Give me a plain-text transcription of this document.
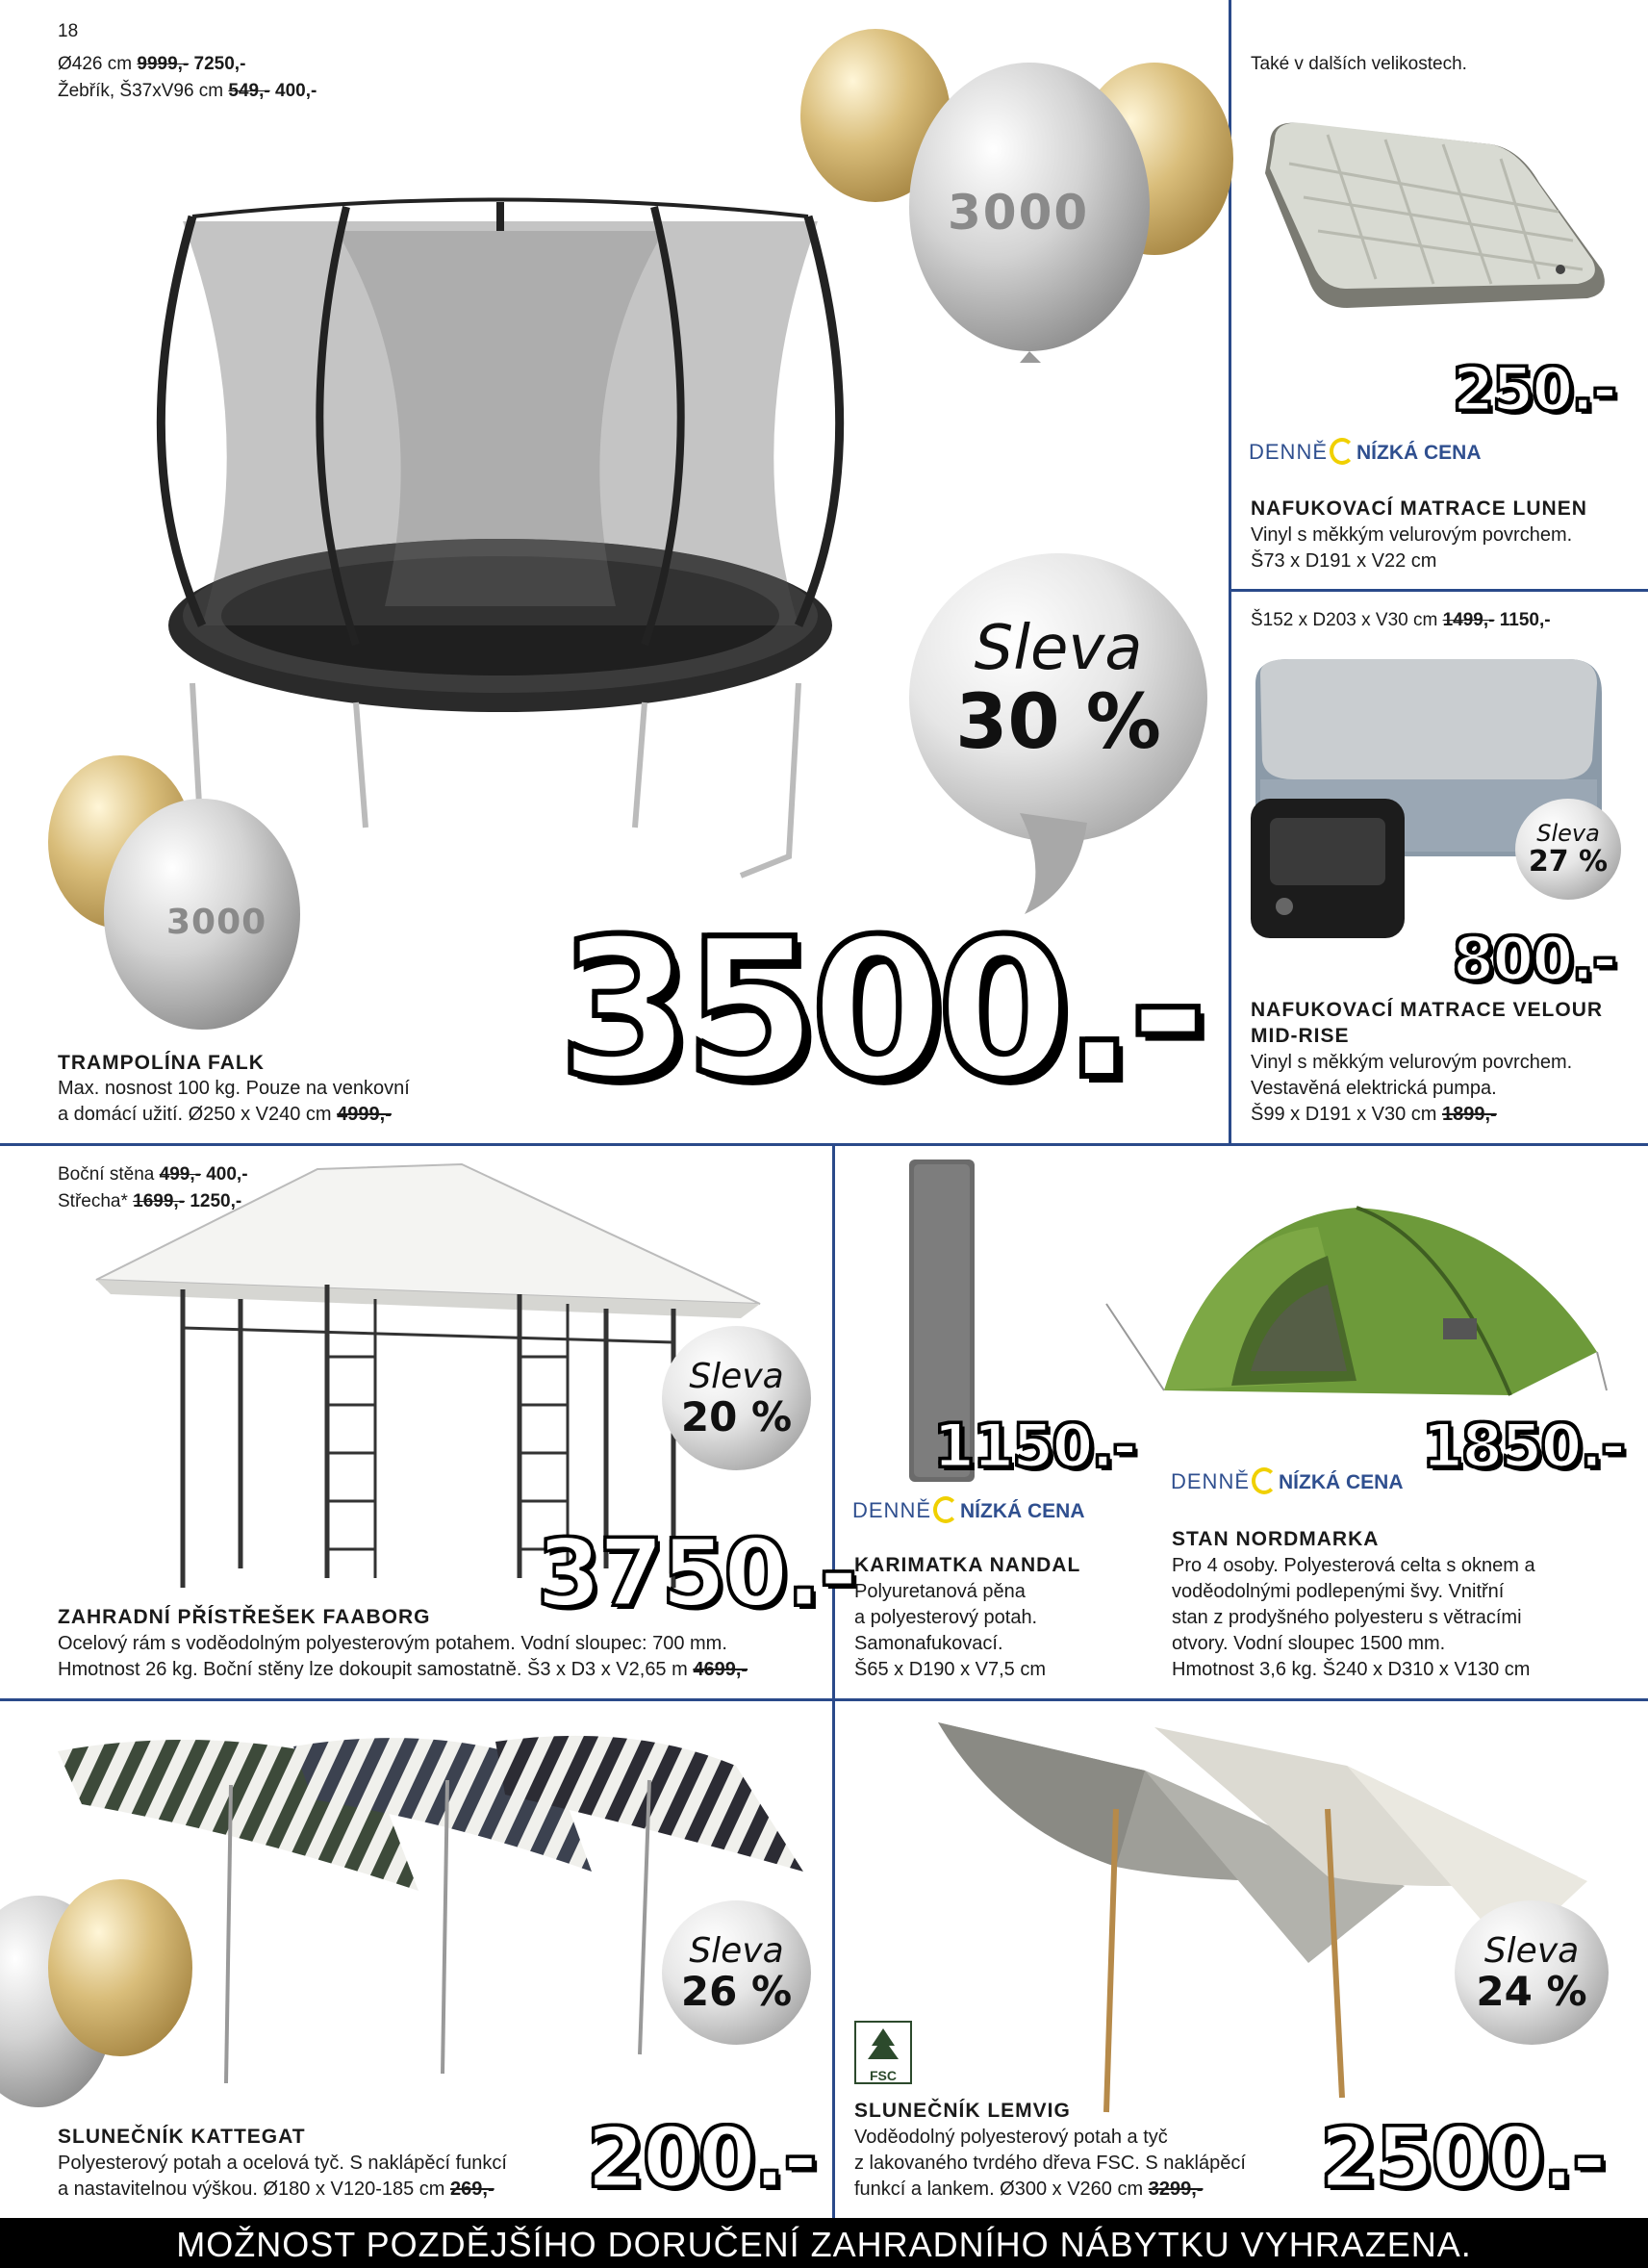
18
Ø426 cm 9999,- 7250,-
Žebřík, Š37xV96 cm 549,- 400,-
3000
3000
Sleva
30 %
3500.-
TRAMPOLÍNA FALK
Max. nosnost 100 kg. Pouze na venkovní
a domácí užití. Ø250 x V240 cm 4999,-
Také v dalších velikostech.
250.-
DENNĚ NÍZKÁ CENA
NAFUKOVACÍ MATRACE LUNEN
Vinyl s měkkým velurovým povrchem.
Š73 x D191 x V22 cm
Š152 x D203 x V30 cm 1499,- 1150,-
Sleva
27 %
800.-
NAFUKOVACÍ MATRACE VELOUR
MID-RISE
Vinyl s měkkým velurovým povrchem.
Vestavěná elektrická pumpa.
Š99 x D191 x V30 cm 1899,-
Boční stěna 499,- 400,-
Střecha* 1699,- 1250,-
Sleva
20 %
3750.-
ZAHRADNÍ PŘÍSTŘEŠEK FAABORG
Ocelový rám s voděodolným polyesterovým potahem. Vodní sloupec: 700 mm.
Hmotnost 26 kg. Boční stěny lze dokoupit samostatně. Š3 x D3 x V2,65 m 4699,-
1150.-
DENNĚ NÍZKÁ CENA
KARIMATKA NANDAL
Polyuretanová pěna
a polyesterový potah.
Samonafukovací.
Š65 x D190 x V7,5 cm
1850.-
DENNĚ NÍZKÁ CENA
STAN NORDMARKA
Pro 4 osoby. Polyesterová celta s oknem a
voděodolnými podlepenými švy. Vnitřní
stan z prodyšného polyesteru s větracími
otvory. Vodní sloupec 1500 mm.
Hmotnost 3,6 kg. Š240 x D310 x V130 cm
Sleva
26 %
200.-
SLUNEČNÍK KATTEGAT
Polyesterový potah a ocelová tyč. S naklápěcí funkcí
a nastavitelnou výškou. Ø180 x V120-185 cm 269,-
FSC
Sleva
24 %
2500.-
SLUNEČNÍK LEMVIG
Voděodolný polyesterový potah a tyč
z lakovaného tvrdého dřeva FSC. S naklápěcí
funkcí a lankem. Ø300 x V260 cm 3299,-
MOŽNOST POZDĚJŠÍHO DORUČENÍ ZAHRADNÍHO NÁBYTKU VYHRAZENA.
